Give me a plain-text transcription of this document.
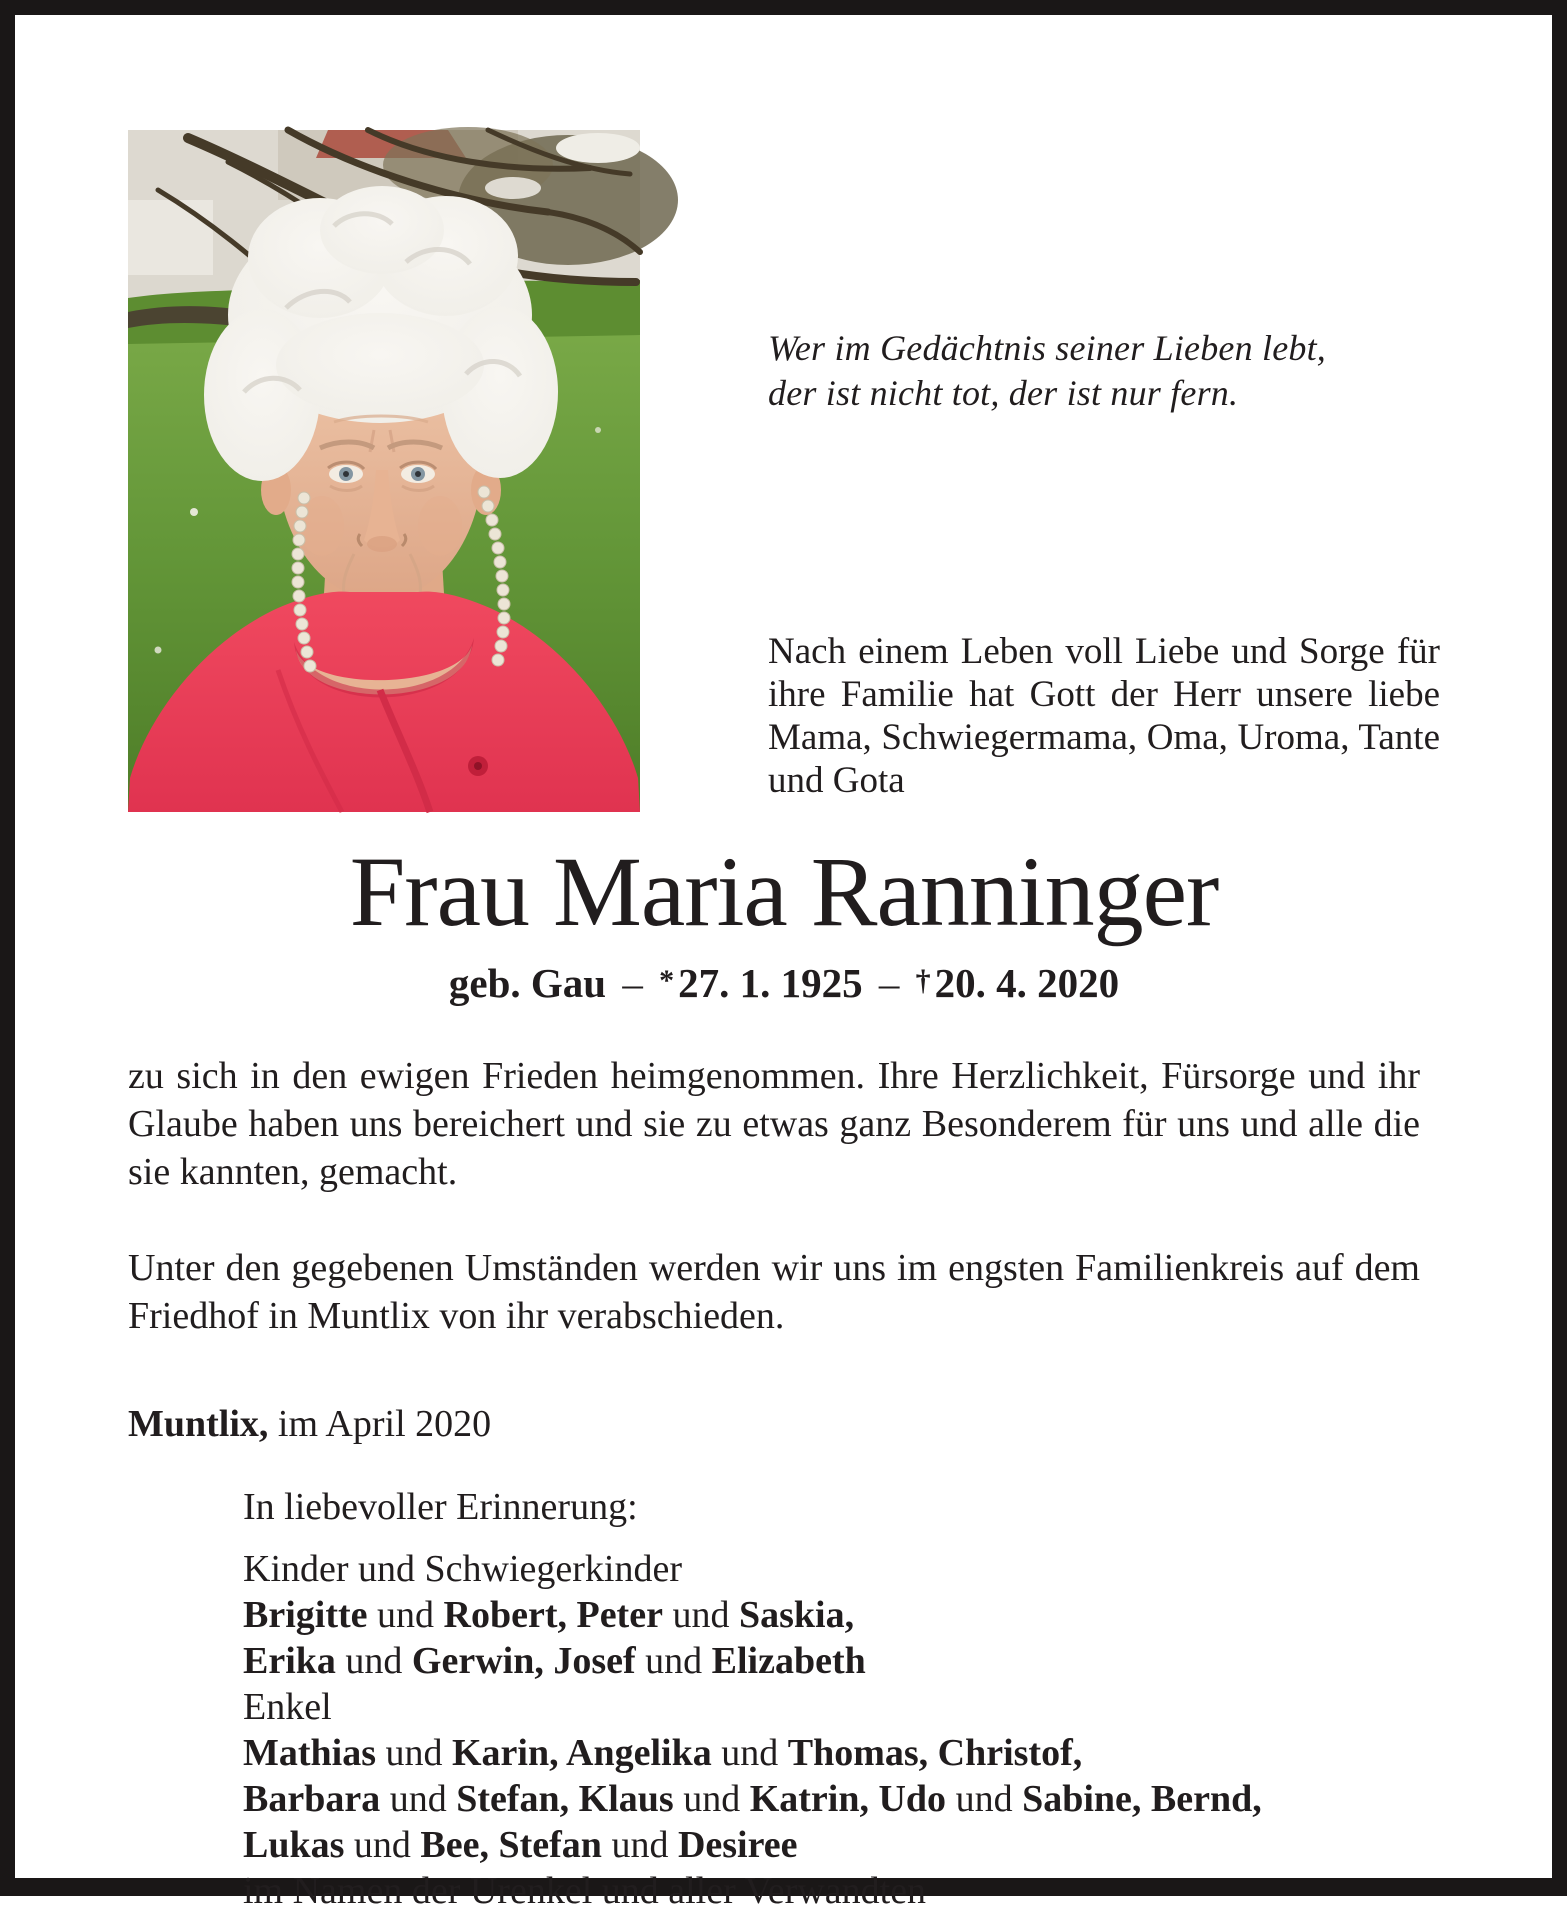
Wer im Gedächtnis seiner Lieben lebt,
der ist nicht tot, der ist nur fern.

Nach einem Leben voll Liebe und Sorge für ihre Familie hat Gott der Herr unsere liebe Mama, Schwiegermama, Oma, Uroma, Tante und Gota

Frau Maria Ranninger

geb. Gau – *27. 1. 1925 – †20. 4. 2020

zu sich in den ewigen Frieden heimgenommen. Ihre Herzlichkeit, Fürsorge und ihr Glaube haben uns bereichert und sie zu etwas ganz Besonderem für uns und alle die sie kannten, gemacht.

Unter den gegebenen Umständen werden wir uns im engsten Familienkreis auf dem Friedhof in Muntlix von ihr verabschieden.

Muntlix, im April 2020

In liebevoller Erinnerung:

Kinder und Schwiegerkinder

Brigitte und Robert, Peter und Saskia,

Erika und Gerwin, Josef und Elizabeth

Enkel

Mathias und Karin, Angelika und Thomas, Christof,

Barbara und Stefan, Klaus und Katrin, Udo und Sabine, Bernd,

Lukas und Bee, Stefan und Desiree

im Namen der Urenkel und aller Verwandten
